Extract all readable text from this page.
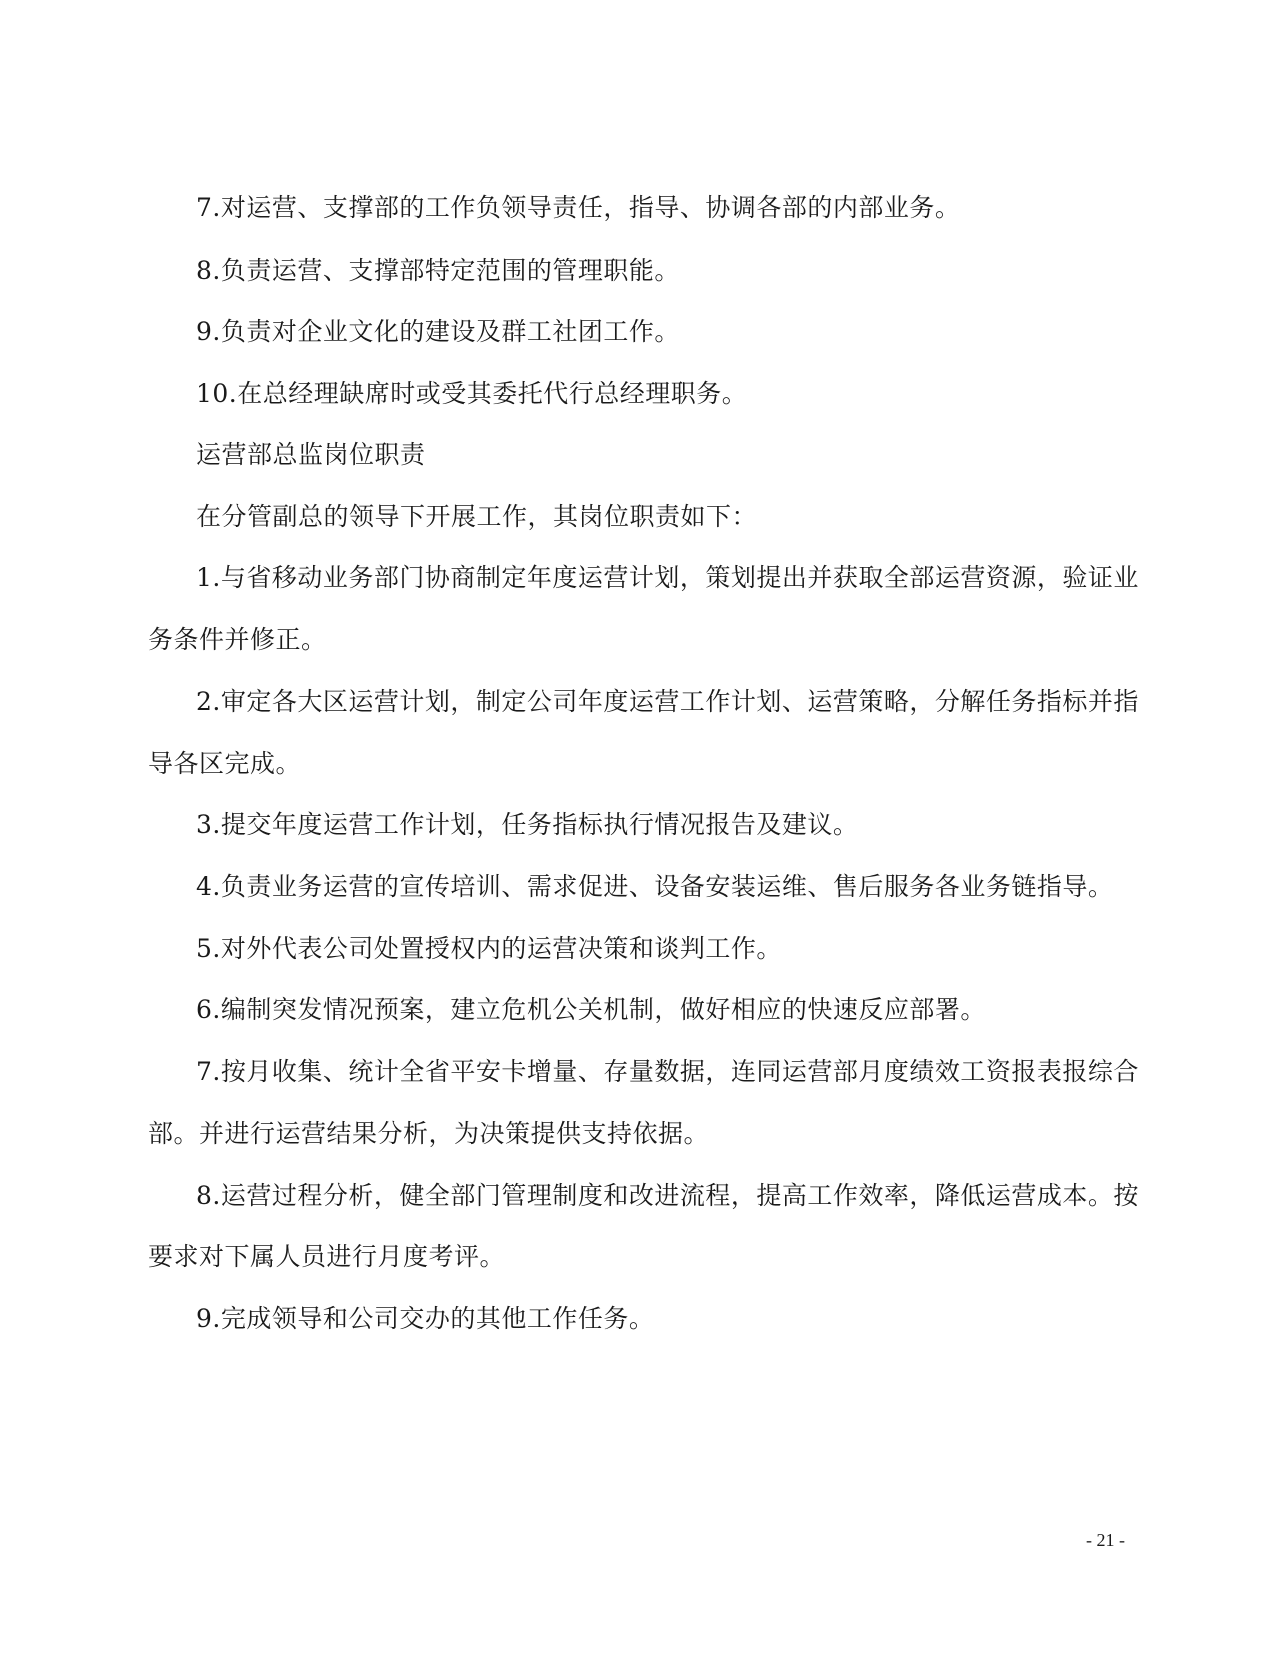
7.对运营、支撑部的工作负领导责任，指导、协调各部的内部业务。
8.负责运营、支撑部特定范围的管理职能。
9.负责对企业文化的建设及群工社团工作。
10.在总经理缺席时或受其委托代行总经理职务。
运营部总监岗位职责
在分管副总的领导下开展工作，其岗位职责如下：
1.与省移动业务部门协商制定年度运营计划，策划提出并获取全部运营资源，验证业
务条件并修正。
2.审定各大区运营计划，制定公司年度运营工作计划、运营策略，分解任务指标并指
导各区完成。
3.提交年度运营工作计划，任务指标执行情况报告及建议。
4.负责业务运营的宣传培训、需求促进、设备安装运维、售后服务各业务链指导。
5.对外代表公司处置授权内的运营决策和谈判工作。
6.编制突发情况预案，建立危机公关机制，做好相应的快速反应部署。
7.按月收集、统计全省平安卡增量、存量数据，连同运营部月度绩效工资报表报综合
部。并进行运营结果分析，为决策提供支持依据。
8.运营过程分析，健全部门管理制度和改进流程，提高工作效率，降低运营成本。按
要求对下属人员进行月度考评。
9.完成领导和公司交办的其他工作任务。
- 21 -
